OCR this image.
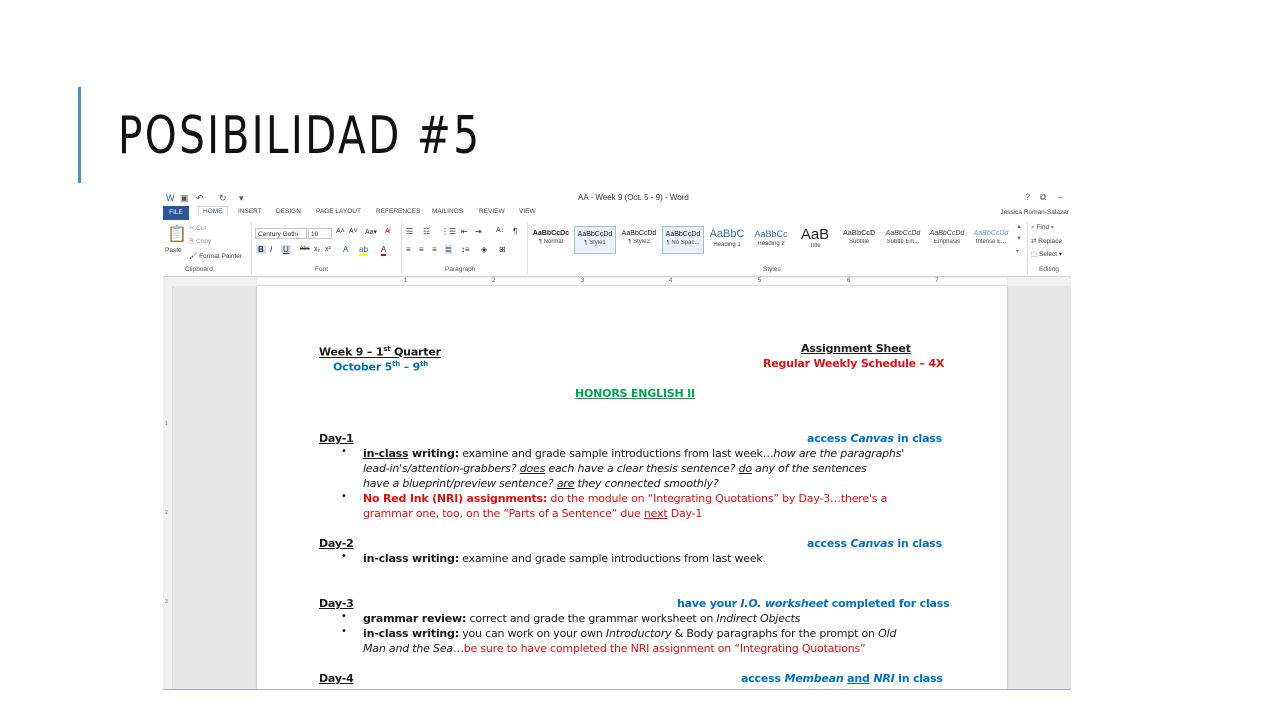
POSIBILIDAD #5
W ▣ ↶ ↻ ▾	AA - Week 9 (Oct. 5 - 9) - Word	? ⧉ –
FILE	HOME	INSERT DESIGN PAGE LAYOUT REFERENCES MAILINGS REVIEW VIEW	Jessica Roman-Salazar
📋
Paste
✂ Cut
⎘ Copy
🖌 Format Painter
Clipboard
Century Gothi	10	A˄ A˅ Aa▾ A̸
B I U	abc x₂ x² A ab A
Font
☰ ☷ ⋮☰ ⇤ ⇥ A↓ ¶
≡ ≡ ≡ ≣ ↕≡ ◈ ⊞
Paragraph
AaBbCcDc
¶ Normal
AaBbCcDd
¶ Style1
AaBbCcDd
¶ Style2
AaBbCcDd
¶ No Spac...
AaBbC
Heading 1
AaBbCc
Heading 2
AaB
Title
AaBbCcD
Subtitle
AaBbCcDd
Subtle Em...
AaBbCcDd
Emphasis
AaBbCcDd
Intense E...
▲
▼
▾
Styles
⌕ Find ▾
⇄ Replace
⬚ Select ▾
Editing
1	2	3	4	5	6	7
1
2
3
Week 9 – 1st Quarter	Assignment Sheet
October 5th – 9th	Regular Weekly Schedule – 4X
HONORS ENGLISH II
Day-1	access Canvas in class
• in-class writing: examine and grade sample introductions from last week…how are the paragraphs'
lead-in's/attention-grabbers? does each have a clear thesis sentence? do any of the sentences
have a blueprint/preview sentence? are they connected smoothly?
• No Red Ink (NRI) assignments: do the module on “Integrating Quotations” by Day-3…there's a
grammar one, too, on the “Parts of a Sentence” due next Day-1
Day-2	access Canvas in class
• in-class writing: examine and grade sample introductions from last week
Day-3	have your I.O. worksheet completed for class
• grammar review: correct and grade the grammar worksheet on Indirect Objects
• in-class writing: you can work on your own Introductory & Body paragraphs for the prompt on Old
Man and the Sea…be sure to have completed the NRI assignment on “Integrating Quotations”
Day-4	access Membean and NRI in class
